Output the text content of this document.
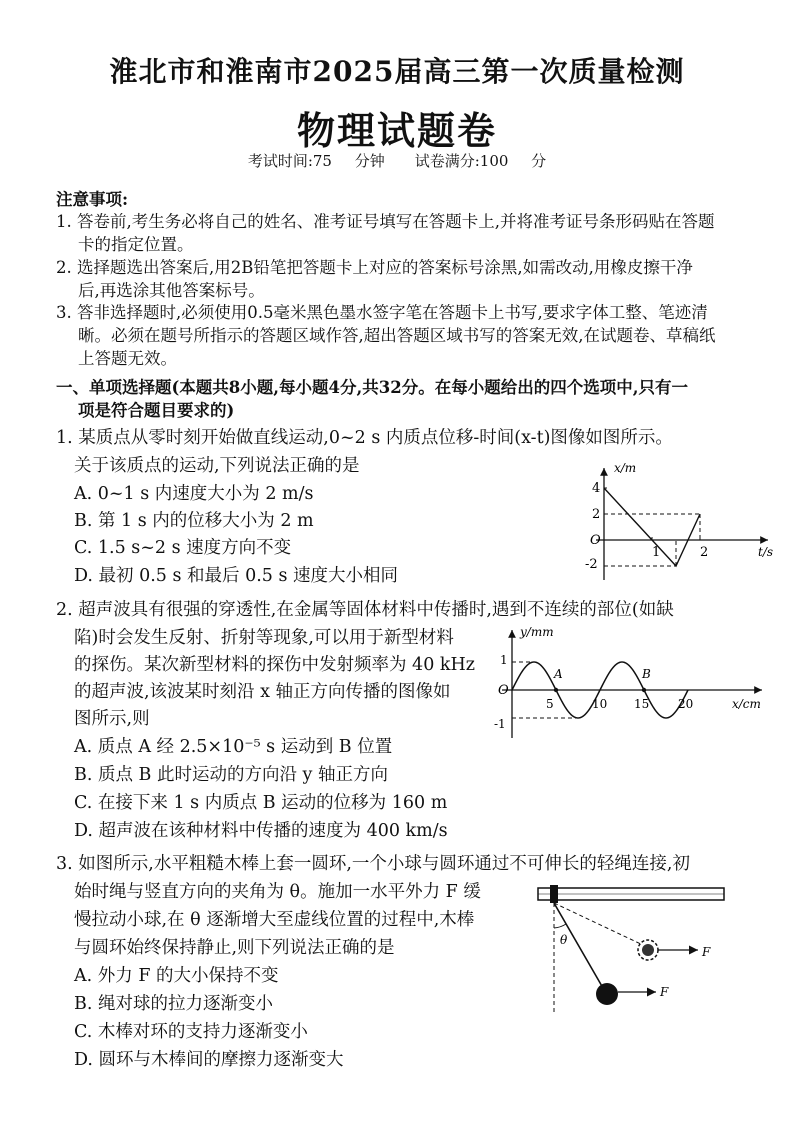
淮北市和淮南市2025届高三第一次质量检测
物理试题卷
考试时间:75 分钟　　试卷满分:100 分
注意事项:
1. 答卷前,考生务必将自己的姓名、准考证号填写在答题卡上,并将准考证号条形码贴在答题
卡的指定位置。
2. 选择题选出答案后,用2B铅笔把答题卡上对应的答案标号涂黑,如需改动,用橡皮擦干净
后,再选涂其他答案标号。
3. 答非选择题时,必须使用0.5毫米黑色墨水签字笔在答题卡上书写,要求字体工整、笔迹清
晰。必须在题号所指示的答题区域作答,超出答题区域书写的答案无效,在试题卷、草稿纸
上答题无效。
一、单项选择题(本题共8小题,每小题4分,共32分。在每小题给出的四个选项中,只有一
项是符合题目要求的)
1. 某质点从零时刻开始做直线运动,0~2 s 内质点位移-时间(x-t)图像如图所示。
关于该质点的运动,下列说法正确的是
A. 0~1 s 内速度大小为 2 m/s
B. 第 1 s 内的位移大小为 2 m
C. 1.5 s~2 s 速度方向不变
D. 最初 0.5 s 和最后 0.5 s 速度大小相同
x/m
t/s
O
4
2
-2
1	2
2. 超声波具有很强的穿透性,在金属等固体材料中传播时,遇到不连续的部位(如缺
陷)时会发生反射、折射等现象,可以用于新型材料
的探伤。某次新型材料的探伤中发射频率为 40 kHz
的超声波,该波某时刻沿 x 轴正方向传播的图像如
图所示,则
A. 质点 A 经 2.5×10⁻⁵ s 运动到 B 位置
B. 质点 B 此时运动的方向沿 y 轴正方向
C. 在接下来 1 s 内质点 B 运动的位移为 160 m
D. 超声波在该种材料中传播的速度为 400 km/s
y/mm
x/cm
O
1
-1
5	10 15 20
A	B
3. 如图所示,水平粗糙木棒上套一圆环,一个小球与圆环通过不可伸长的轻绳连接,初
始时绳与竖直方向的夹角为 θ。施加一水平外力 F 缓
慢拉动小球,在 θ 逐渐增大至虚线位置的过程中,木棒
与圆环始终保持静止,则下列说法正确的是
A. 外力 F 的大小保持不变
B. 绳对球的拉力逐渐变小
C. 木棒对环的支持力逐渐变小
D. 圆环与木棒间的摩擦力逐渐变大
θ
F
F
